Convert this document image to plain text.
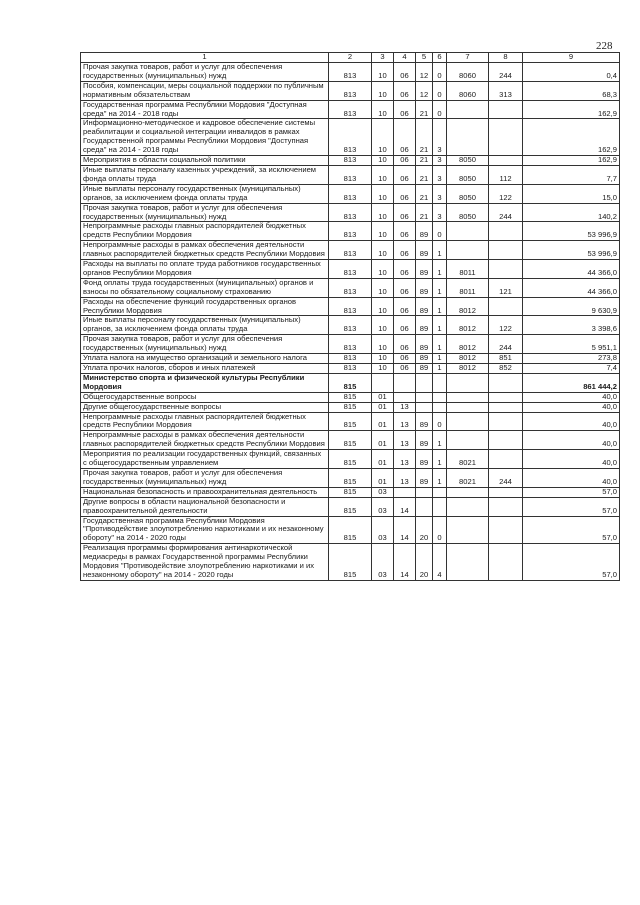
228
1	2	3	4	5	6	7	8	9
Прочая закупка товаров, работ и услуг для обеспечения государственных (муниципальных) нужд	813	10	06	12	0	8060	244	0,4
Пособия, компенсации, меры социальной поддержки по публичным нормативным обязательствам	813	10	06	12	0	8060	313	68,3
Государственная программа Республики Мордовия "Доступная среда" на 2014 - 2018 годы	813	10	06	21	0			162,9
Информационно-методическое и кадровое обеспечение системы реабилитации и социальной интеграции инвалидов в рамках Государственной программы Республики Мордовия "Доступная среда" на 2014 - 2018 годы	813	10	06	21	3			162,9
Мероприятия в области социальной политики	813	10	06	21	3	8050		162,9
Иные выплаты персоналу казенных учреждений, за исключением фонда оплаты труда	813	10	06	21	3	8050	112	7,7
Иные выплаты персоналу государственных (муниципальных) органов, за исключением фонда оплаты труда	813	10	06	21	3	8050	122	15,0
Прочая закупка товаров, работ и услуг для обеспечения государственных (муниципальных) нужд	813	10	06	21	3	8050	244	140,2
Непрограммные расходы главных распорядителей бюджетных средств Республики Мордовия	813	10	06	89	0			53 996,9
Непрограммные расходы в рамках обеспечения деятельности главных распорядителей бюджетных средств Республики Мордовия	813	10	06	89	1			53 996,9
Расходы на выплаты по оплате труда работников государственных органов Республики Мордовия	813	10	06	89	1	8011		44 366,0
Фонд оплаты труда государственных (муниципальных) органов и взносы по обязательному социальному страхованию	813	10	06	89	1	8011	121	44 366,0
Расходы на обеспечение функций государственных органов Республики Мордовия	813	10	06	89	1	8012		9 630,9
Иные выплаты персоналу государственных (муниципальных) органов, за исключением фонда оплаты труда	813	10	06	89	1	8012	122	3 398,6
Прочая закупка товаров, работ и услуг для обеспечения государственных (муниципальных) нужд	813	10	06	89	1	8012	244	5 951,1
Уплата налога на имущество организаций и земельного налога	813	10	06	89	1	8012	851	273,8
Уплата прочих налогов, сборов и иных платежей	813	10	06	89	1	8012	852	7,4
Министерство спорта и физической культуры Республики Мордовия	815							861 444,2
Общегосударственные вопросы	815	01						40,0
Другие общегосударственные вопросы	815	01	13					40,0
Непрограммные расходы главных распорядителей бюджетных средств Республики Мордовия	815	01	13	89	0			40,0
Непрограммные расходы в рамках обеспечения деятельности главных распорядителей бюджетных средств Республики Мордовия	815	01	13	89	1			40,0
Мероприятия по реализации государственных функций, связанных с общегосударственным управлением	815	01	13	89	1	8021		40,0
Прочая закупка товаров, работ и услуг для обеспечения государственных (муниципальных) нужд	815	01	13	89	1	8021	244	40,0
Национальная безопасность и правоохранительная деятельность	815	03						57,0
Другие вопросы в области национальной безопасности и правоохранительной деятельности	815	03	14					57,0
Государственная программа Республики Мордовия "Противодействие злоупотреблению наркотиками и их незаконному обороту" на 2014 - 2020 годы	815	03	14	20	0			57,0
Реализация программы формирования антинаркотической медиасреды в рамках Государственной программы Республики Мордовия "Противодействие злоупотреблению наркотиками и их незаконному обороту" на 2014 - 2020 годы	815	03	14	20	4			57,0
